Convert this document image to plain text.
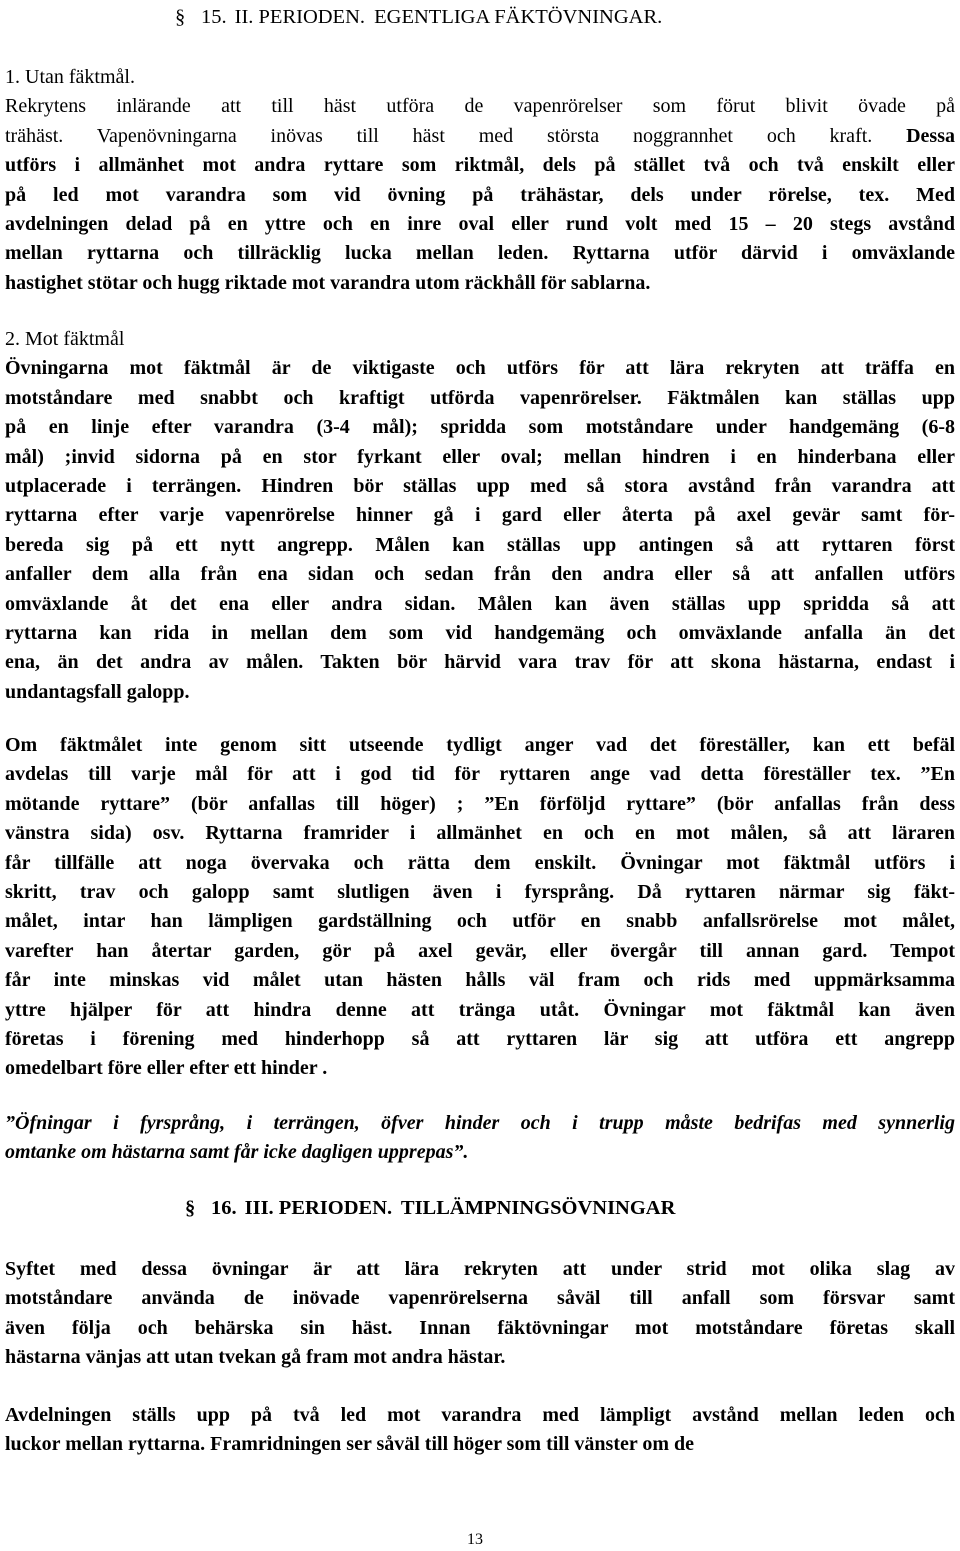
§ 15. II. PERIODEN. EGENTLIGA FÄKTÖVNINGAR.
1. Utan fäktmål.
Rekrytens inlärande att till häst utföra de vapenrörelser som förut blivit övade på
trähäst. Vapenövningarna inövas till häst med största noggrannhet och kraft. Dessa
utförs i allmänhet mot andra ryttare som riktmål, dels på stället två och två enskilt eller
på led mot varandra som vid övning på trähästar, dels under rörelse, tex. Med
avdelningen delad på en yttre och en inre oval eller rund volt med 15 – 20 stegs avstånd
mellan ryttarna och tillräcklig lucka mellan leden. Ryttarna utför därvid i omväxlande
hastighet stötar och hugg riktade mot varandra utom räckhåll för sablarna.
2. Mot fäktmål
Övningarna mot fäktmål är de viktigaste och utförs för att lära rekryten att träffa en
motståndare med snabbt och kraftigt utförda vapenrörelser. Fäktmålen kan ställas upp
på en linje efter varandra (3-4 mål); spridda som motståndare under handgemäng (6-8
mål) ;invid sidorna på en stor fyrkant eller oval; mellan hindren i en hinderbana eller
utplacerade i terrängen. Hindren bör ställas upp med så stora avstånd från varandra att
ryttarna efter varje vapenrörelse hinner gå i gard eller återta på axel gevär samt för-
bereda sig på ett nytt angrepp. Målen kan ställas upp antingen så att ryttaren först
anfaller dem alla från ena sidan och sedan från den andra eller så att anfallen utförs
omväxlande åt det ena eller andra sidan. Målen kan även ställas upp spridda så att
ryttarna kan rida in mellan dem som vid handgemäng och omväxlande anfalla än det
ena, än det andra av målen. Takten bör härvid vara trav för att skona hästarna, endast i
undantagsfall galopp.
Om fäktmålet inte genom sitt utseende tydligt anger vad det föreställer, kan ett befäl
avdelas till varje mål för att i god tid för ryttaren ange vad detta föreställer tex. ”En
mötande ryttare” (bör anfallas till höger) ; ”En förföljd ryttare” (bör anfallas från dess
vänstra sida) osv. Ryttarna framrider i allmänhet en och en mot målen, så att läraren
får tillfälle att noga övervaka och rätta dem enskilt. Övningar mot fäktmål utförs i
skritt, trav och galopp samt slutligen även i fyrsprång. Då ryttaren närmar sig fäkt-
målet, intar han lämpligen gardställning och utför en snabb anfallsrörelse mot målet,
varefter han återtar garden, gör på axel gevär, eller övergår till annan gard. Tempot
får inte minskas vid målet utan hästen hålls väl fram och rids med uppmärksamma
yttre hjälper för att hindra denne att tränga utåt. Övningar mot fäktmål kan även
företas i förening med hinderhopp så att ryttaren lär sig att utföra ett angrepp
omedelbart före eller efter ett hinder .
”Öfningar i fyrsprång, i terrängen, öfver hinder och i trupp måste bedrifas med synnerlig
omtanke om hästarna samt får icke dagligen upprepas”.
§ 16. III. PERIODEN. TILLÄMPNINGSÖVNINGAR
Syftet med dessa övningar är att lära rekryten att under strid mot olika slag av
motståndare använda de inövade vapenrörelserna såväl till anfall som försvar samt
även följa och behärska sin häst. Innan fäktövningar mot motståndare företas skall
hästarna vänjas att utan tvekan gå fram mot andra hästar.
Avdelningen ställs upp på två led mot varandra med lämpligt avstånd mellan leden och
luckor mellan ryttarna. Framridningen ser såväl till höger som till vänster om de
13
